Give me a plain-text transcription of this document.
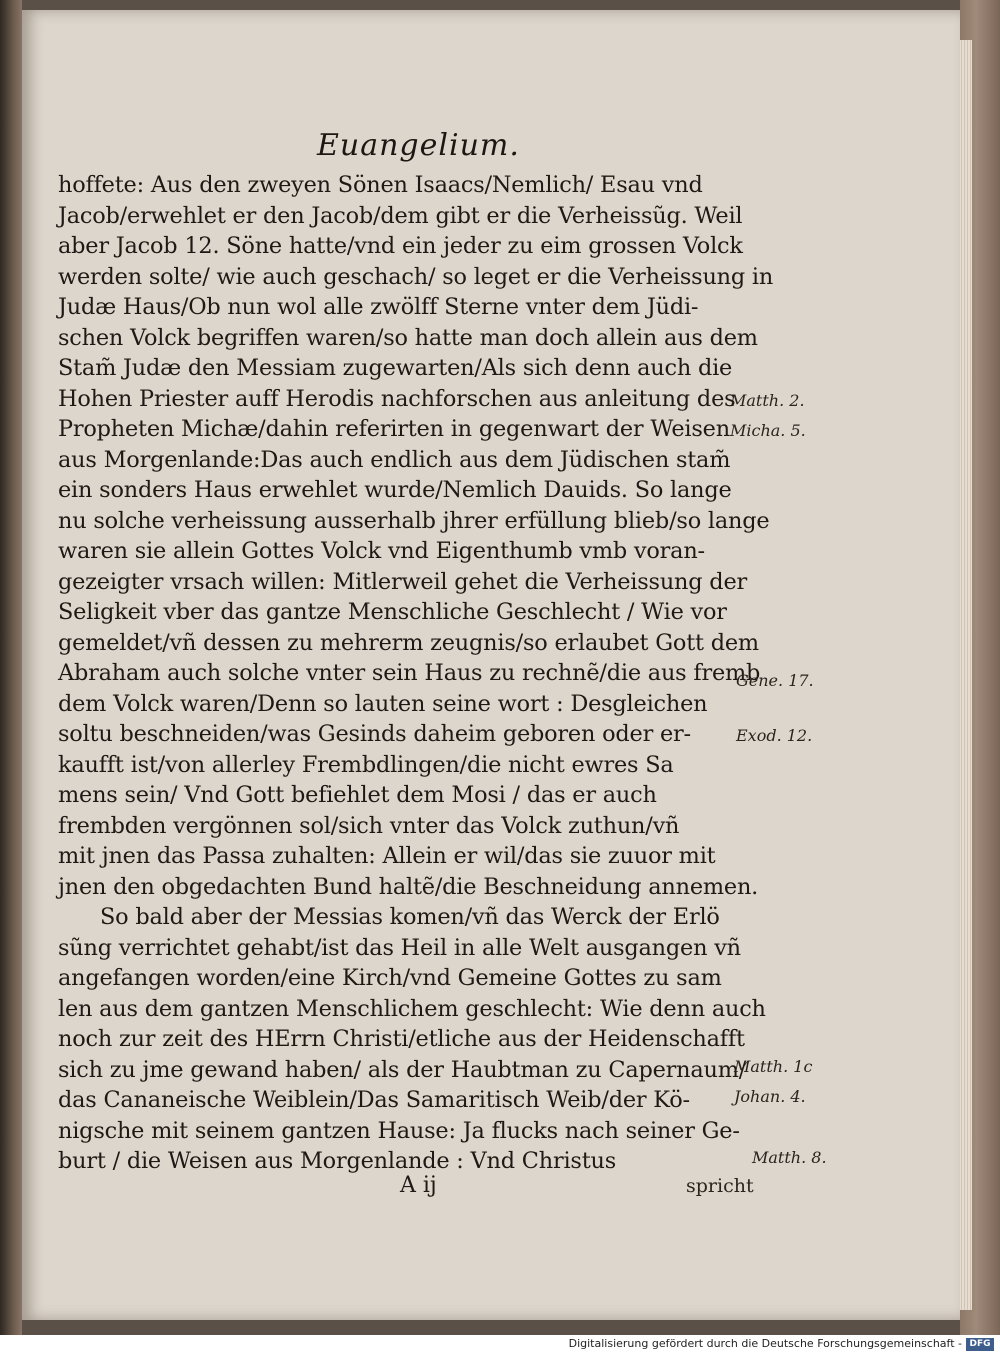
Euangelium.
hoffete: Aus den zweyen Sönen Isaacs/Nemlich/ Esau vnd
Jacob/erwehlet er den Jacob/dem gibt er die Verheissũg. Weil
aber Jacob 12. Söne hatte/vnd ein jeder zu eim grossen Volck
werden solte/ wie auch geschach/ so leget er die Verheissung in
Judæ Haus/Ob nun wol alle zwölff Sterne vnter dem Jüdi-
schen Volck begriffen waren/so hatte man doch allein aus dem
Stam̃ Judæ den Messiam zugewarten/Als sich denn auch die
Hohen Priester auff Herodis nachforschen aus anleitung des
Propheten Michæ/dahin referirten in gegenwart der Weisen
aus Morgenlande:Das auch endlich aus dem Jüdischen stam̃
ein sonders Haus erwehlet wurde/Nemlich Dauids. So lange
nu solche verheissung ausserhalb jhrer erfüllung blieb/so lange
waren sie allein Gottes Volck vnd Eigenthumb vmb voran-
gezeigter vrsach willen: Mitlerweil gehet die Verheissung der
Seligkeit vber das gantze Menschliche Geschlecht / Wie vor
gemeldet/vñ dessen zu mehrerm zeugnis/so erlaubet Gott dem
Abraham auch solche vnter sein Haus zu rechnẽ/die aus fremb
dem Volck waren/Denn so lauten seine wort : Desgleichen
soltu beschneiden/was Gesinds daheim geboren oder er-
kaufft ist/von allerley Frembdlingen/die nicht ewres Sa
mens sein/ Vnd Gott befiehlet dem Mosi / das er auch
frembden vergönnen sol/sich vnter das Volck zuthun/vñ
mit jnen das Passa zuhalten: Allein er wil/das sie zuuor mit
jnen den obgedachten Bund haltẽ/die Beschneidung annemen.
So bald aber der Messias komen/vñ das Werck der Erlö
sũng verrichtet gehabt/ist das Heil in alle Welt ausgangen vñ
angefangen worden/eine Kirch/vnd Gemeine Gottes zu sam
len aus dem gantzen Menschlichem geschlecht: Wie denn auch
noch zur zeit des HErrn Christi/etliche aus der Heidenschafft
sich zu jme gewand haben/ als der Haubtman zu Capernaum/
das Cananeische Weiblein/Das Samaritisch Weib/der Kö-
nigsche mit seinem gantzen Hause: Ja flucks nach seiner Ge-
burt / die Weisen aus Morgenlande : Vnd Christus
Matth. 2.
Micha. 5.
Gene. 17.
Exod. 12.
Matth. 1c
Johan. 4.
Matth. 8.
A ij	spricht
Digitalisierung gefördert durch die Deutsche Forschungsgemeinschaft - DFG
